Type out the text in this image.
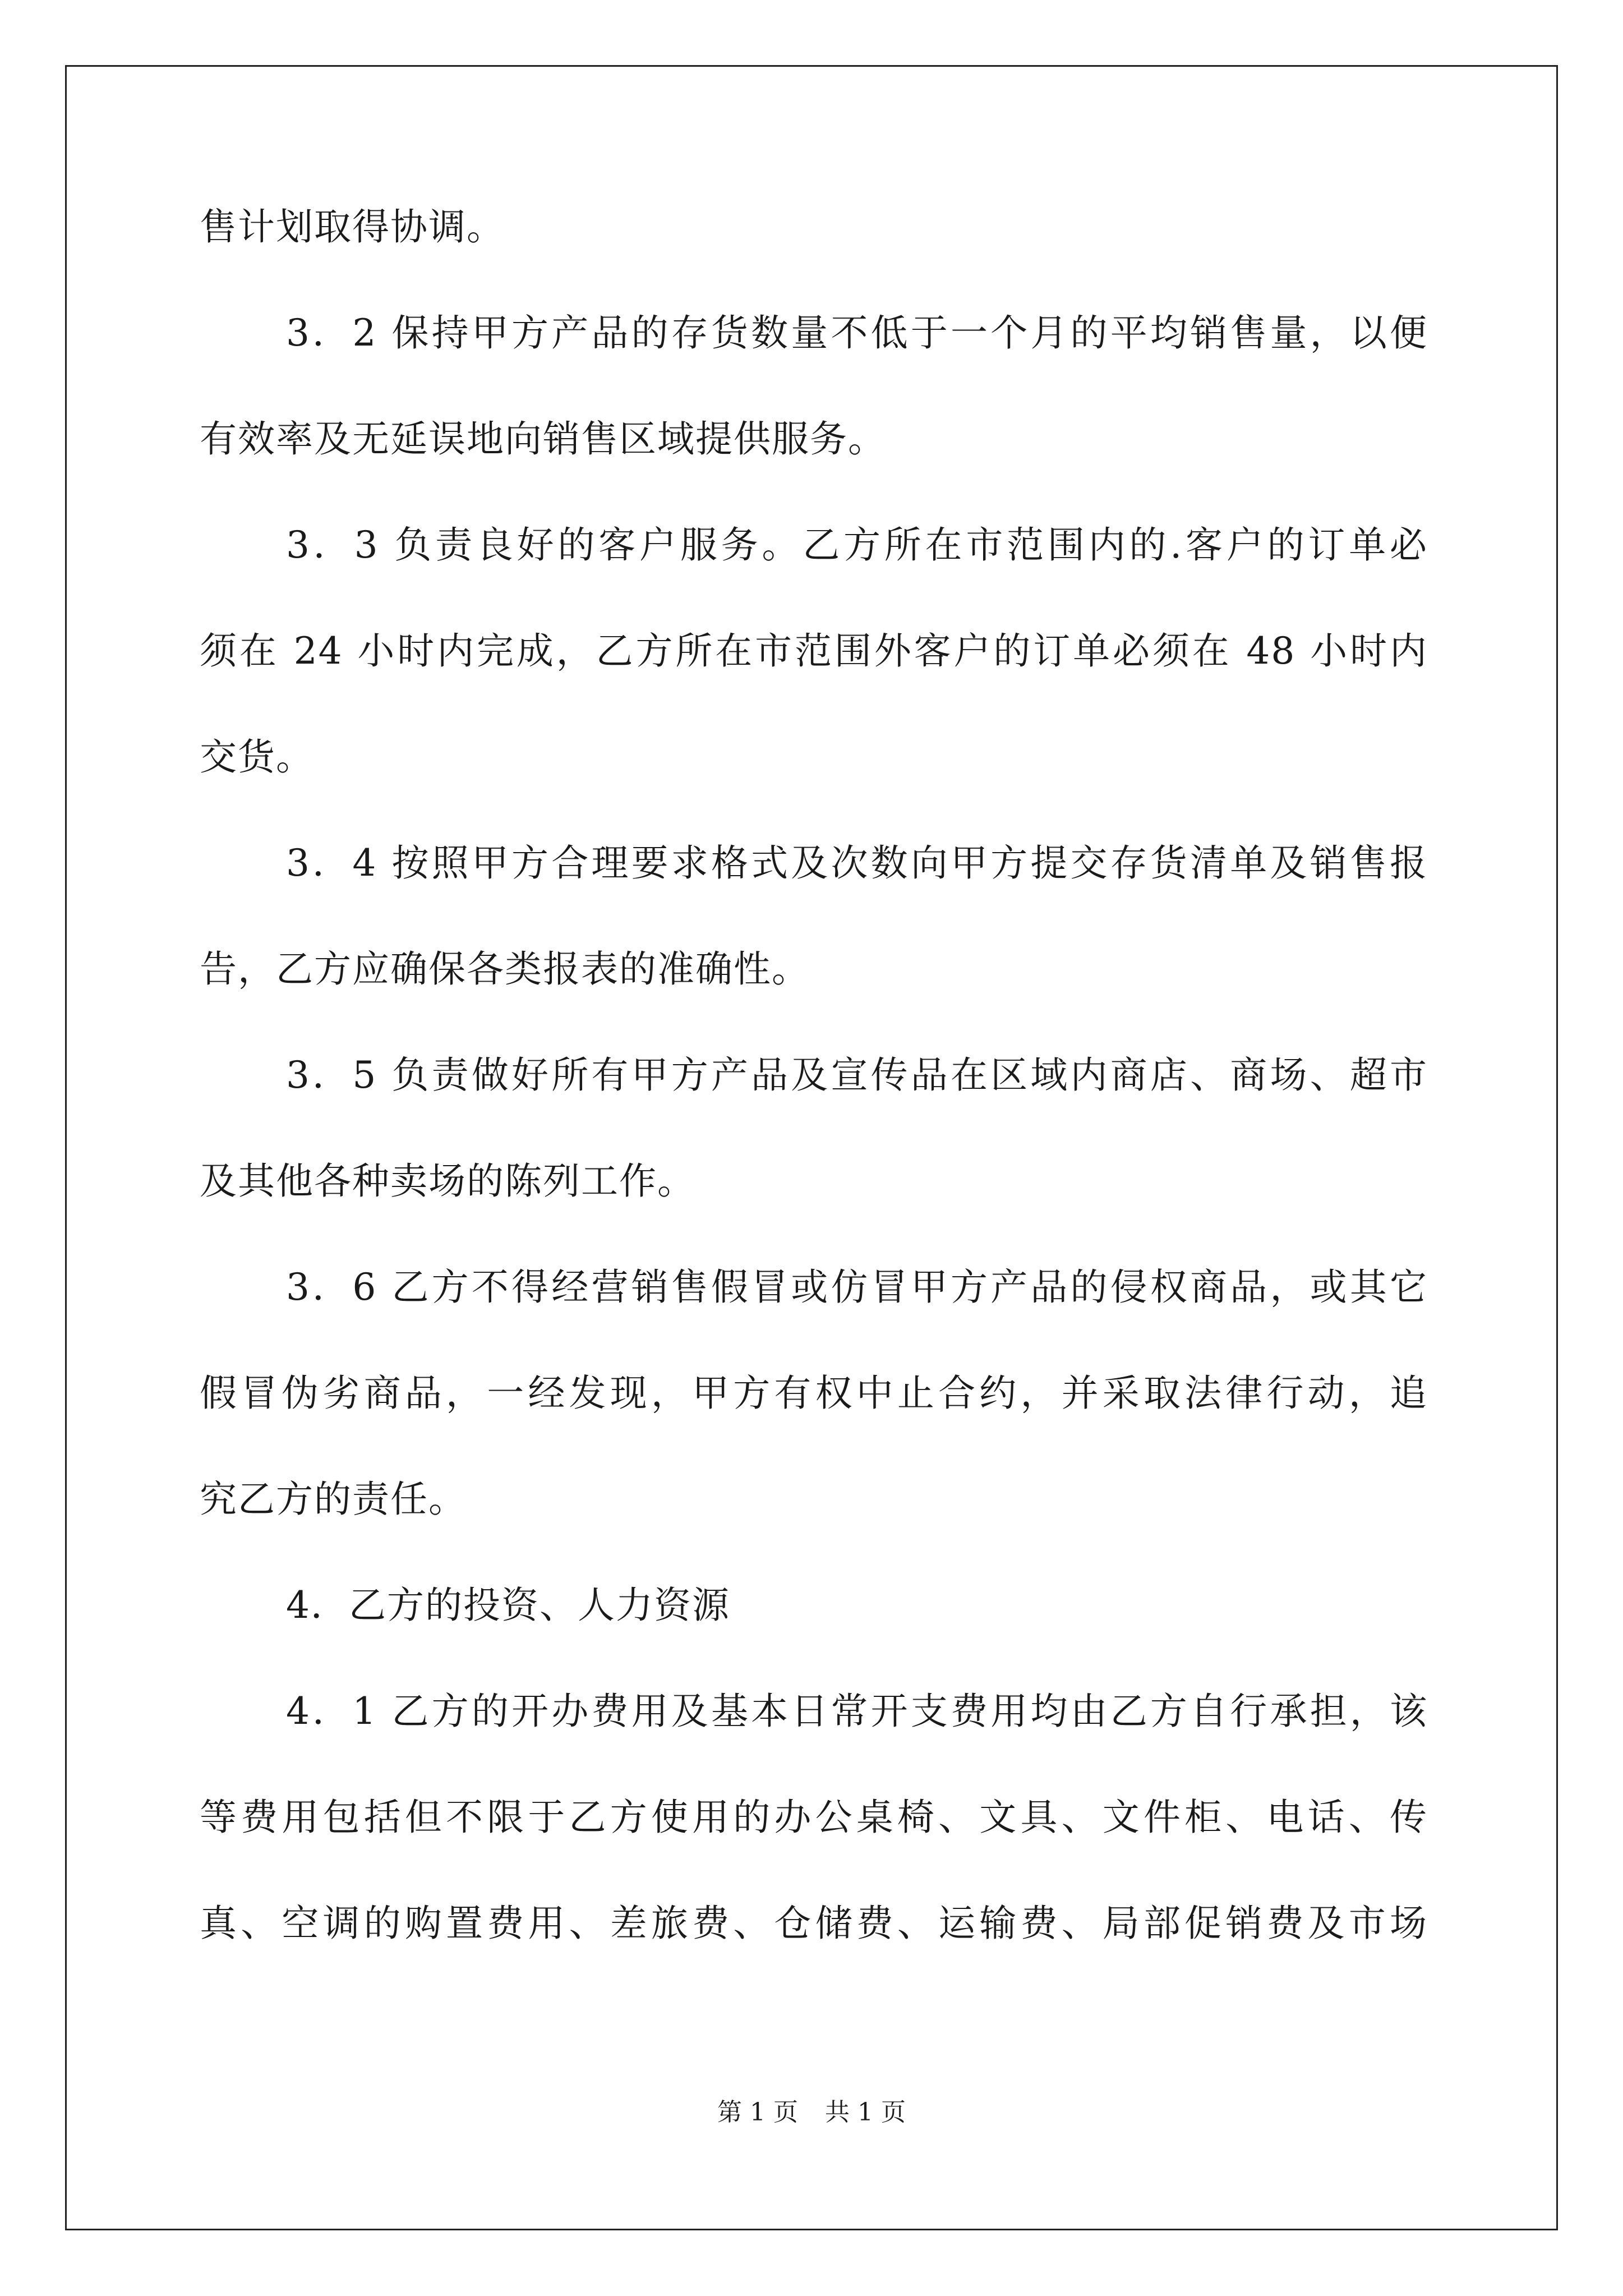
售计划取得协调。
3．2 保持甲方产品的存货数量不低于一个月的平均销售量，以便
有效率及无延误地向销售区域提供服务。
3．3 负责良好的客户服务。乙方所在市范围内的.客户的订单必
须在 24 小时内完成，乙方所在市范围外客户的订单必须在 48 小时内
交货。
3．4 按照甲方合理要求格式及次数向甲方提交存货清单及销售报
告，乙方应确保各类报表的准确性。
3．5 负责做好所有甲方产品及宣传品在区域内商店、商场、超市
及其他各种卖场的陈列工作。
3．6 乙方不得经营销售假冒或仿冒甲方产品的侵权商品，或其它
假冒伪劣商品，一经发现，甲方有权中止合约，并采取法律行动，追
究乙方的责任。
4．乙方的投资、人力资源
4．1 乙方的开办费用及基本日常开支费用均由乙方自行承担，该
等费用包括但不限于乙方使用的办公桌椅、文具、文件柜、电话、传
真、空调的购置费用、差旅费、仓储费、运输费、局部促销费及市场
第 1 页 共 1 页
